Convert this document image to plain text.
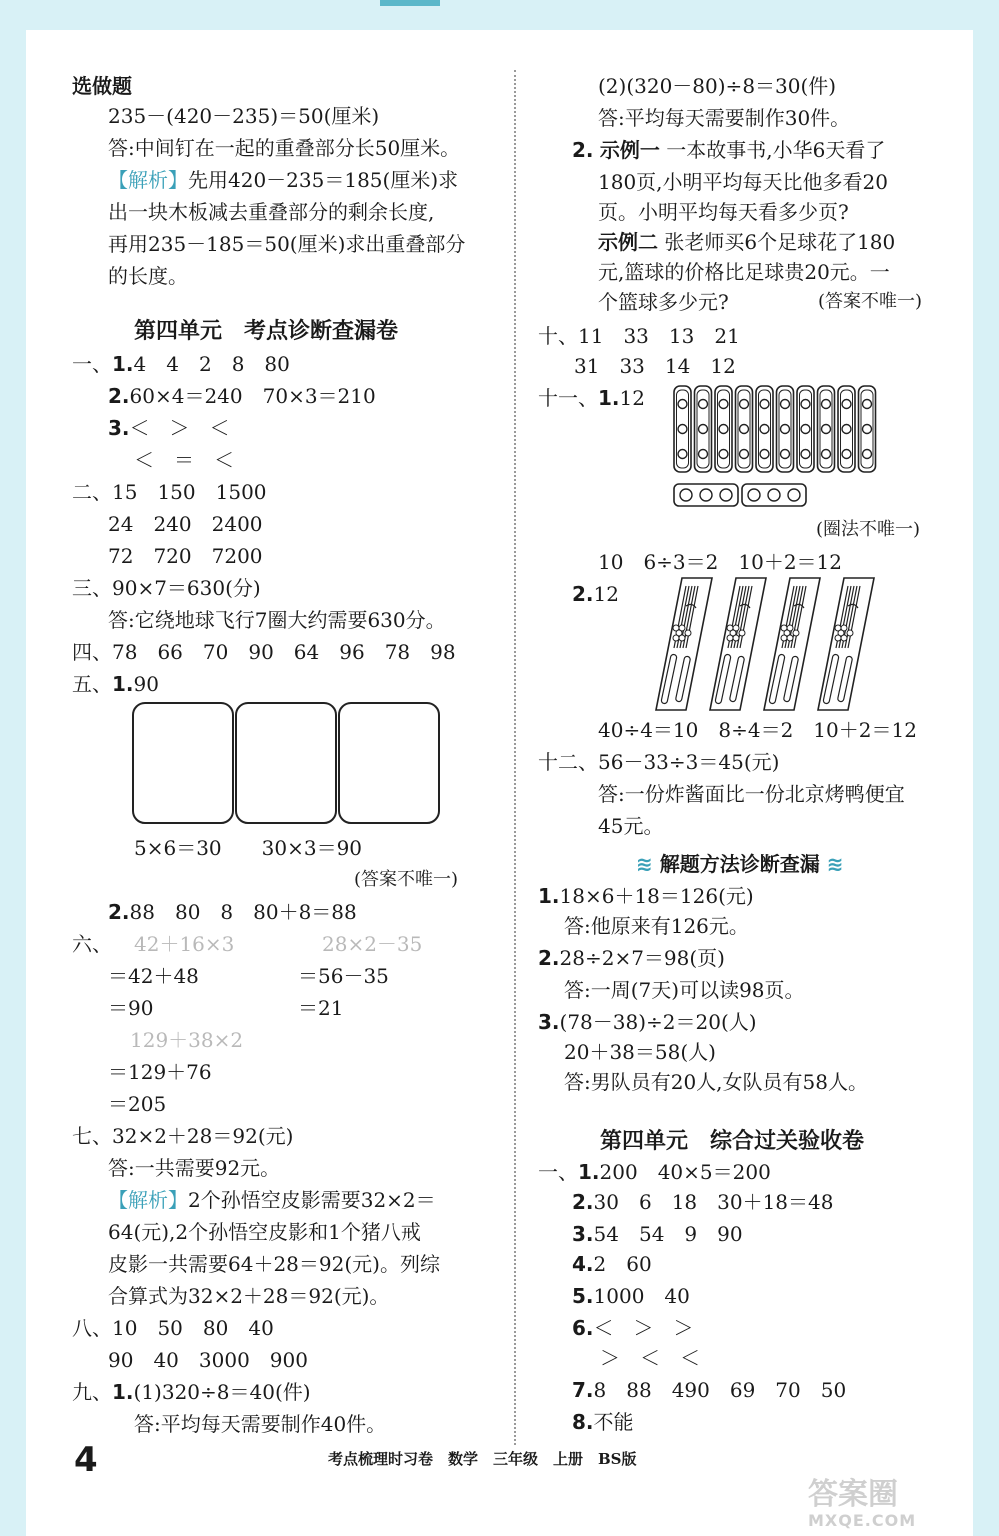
选做题
235－(420－235)＝50(厘米)
答:中间钉在一起的重叠部分长50厘米。
【解析】先用420－235＝185(厘米)求
出一块木板减去重叠部分的剩余长度,
再用235－185＝50(厘米)求出重叠部分
的长度。
第四单元　考点诊断查漏卷
一、1.4　4　2　8　80
2.60×4＝240　70×3＝210
3.＜　＞　＜
＜　＝　＜
二、15　150　1500
24　240　2400
72　720　7200
三、90×7＝630(分)
答:它绕地球飞行7圈大约需要630分。
四、78　66　70　90　64　96　78　98
五、1.90
5×6＝30　　30×3＝90
(答案不唯一)
2.88　80　8　80＋8＝88
六、 42＋16×3
＝42＋48
＝90
28×2－35
＝56－35
＝21
129＋38×2
＝129＋76
＝205
七、32×2＋28＝92(元)
答:一共需要92元。
【解析】2个孙悟空皮影需要32×2＝
64(元),2个孙悟空皮影和1个猪八戒
皮影一共需要64＋28＝92(元)。列综
合算式为32×2＋28＝92(元)。
八、10　50　80　40
90　40　3000　900
九、1.(1)320÷8＝40(件)
答:平均每天需要制作40件。
(2)(320－80)÷8＝30(件)
答:平均每天需要制作30件。
2. 示例一 一本故事书,小华6天看了
180页,小明平均每天比他多看20
页。小明平均每天看多少页?
示例二 张老师买6个足球花了180
元,篮球的价格比足球贵20元。一
个篮球多少元?	(答案不唯一)
十、11　33　13　21
31　33　14　12
十一、1.12
(圈法不唯一)
10　6÷3＝2　10＋2＝12
2.12
40÷4＝10　8÷4＝2　10＋2＝12
十二、56－33÷3＝45(元)
答:一份炸酱面比一份北京烤鸭便宜
45元。
≋ 解题方法诊断查漏 ≋
1.18×6＋18＝126(元)
答:他原来有126元。
2.28÷2×7＝98(页)
答:一周(7天)可以读98页。
3.(78－38)÷2＝20(人)
20＋38＝58(人)
答:男队员有20人,女队员有58人。
第四单元　综合过关验收卷
一、1.200　40×5＝200
2.30　6　18　30＋18＝48
3.54　54　9　90
4.2　60
5.1000　40
6.＜　＞　＞
＞　＜　＜
7.8　88　490　69　70　50
8.不能
4	考点梳理时习卷　数学　三年级　上册　BS版
答案圈
MXQE.COM
